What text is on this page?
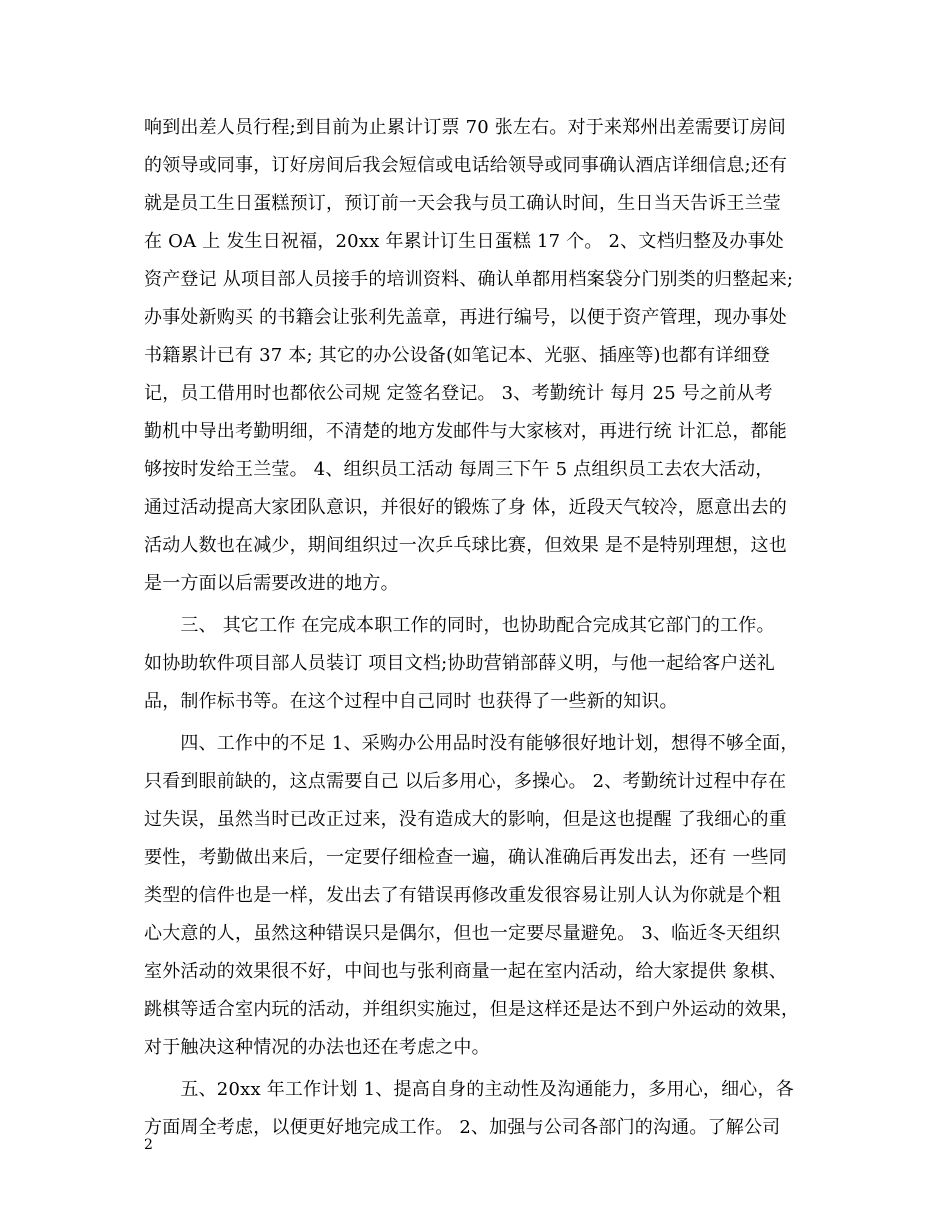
响到出差人员行程;到目前为止累计订票 70 张左右。对于来郑州出差需要订房间
的领导或同事，订好房间后我会短信或电话给领导或同事确认酒店详细信息;还有
就是员工生日蛋糕预订，预订前一天会我与员工确认时间，生日当天告诉王兰莹
在 OA 上 发生日祝福，20xx 年累计订生日蛋糕 17 个。 2、文档归整及办事处
资产登记 从项目部人员接手的培训资料、确认单都用档案袋分门别类的归整起来;
办事处新购买 的书籍会让张利先盖章，再进行编号，以便于资产管理，现办事处
书籍累计已有 37 本; 其它的办公设备(如笔记本、光驱、插座等)也都有详细登
记，员工借用时也都依公司规 定签名登记。 3、考勤统计 每月 25 号之前从考
勤机中导出考勤明细，不清楚的地方发邮件与大家核对，再进行统 计汇总，都能
够按时发给王兰莹。 4、组织员工活动 每周三下午 5 点组织员工去农大活动，
通过活动提高大家团队意识，并很好的锻炼了身 体，近段天气较冷，愿意出去的
活动人数也在减少，期间组织过一次乒乓球比赛，但效果 是不是特别理想，这也
是一方面以后需要改进的地方。
　　三、 其它工作 在完成本职工作的同时，也协助配合完成其它部门的工作。
如协助软件项目部人员装订 项目文档;协助营销部薛义明，与他一起给客户送礼
品，制作标书等。在这个过程中自己同时 也获得了一些新的知识。
　　四、工作中的不足 1、采购办公用品时没有能够很好地计划，想得不够全面，
只看到眼前缺的，这点需要自己 以后多用心，多操心。 2、考勤统计过程中存在
过失误，虽然当时已改正过来，没有造成大的影响，但是这也提醒 了我细心的重
要性，考勤做出来后，一定要仔细检查一遍，确认准确后再发出去，还有 一些同
类型的信件也是一样，发出去了有错误再修改重发很容易让别人认为你就是个粗
心大意的人，虽然这种错误只是偶尔，但也一定要尽量避免。 3、临近冬天组织
室外活动的效果很不好，中间也与张利商量一起在室内活动，给大家提供 象棋、
跳棋等适合室内玩的活动，并组织实施过，但是这样还是达不到户外运动的效果，
对于触决这种情况的办法也还在考虑之中。
　　五、20xx 年工作计划 1、提高自身的主动性及沟通能力，多用心，细心，各
方面周全考虑，以便更好地完成工作。 2、加强与公司各部门的沟通。了解公司
2
